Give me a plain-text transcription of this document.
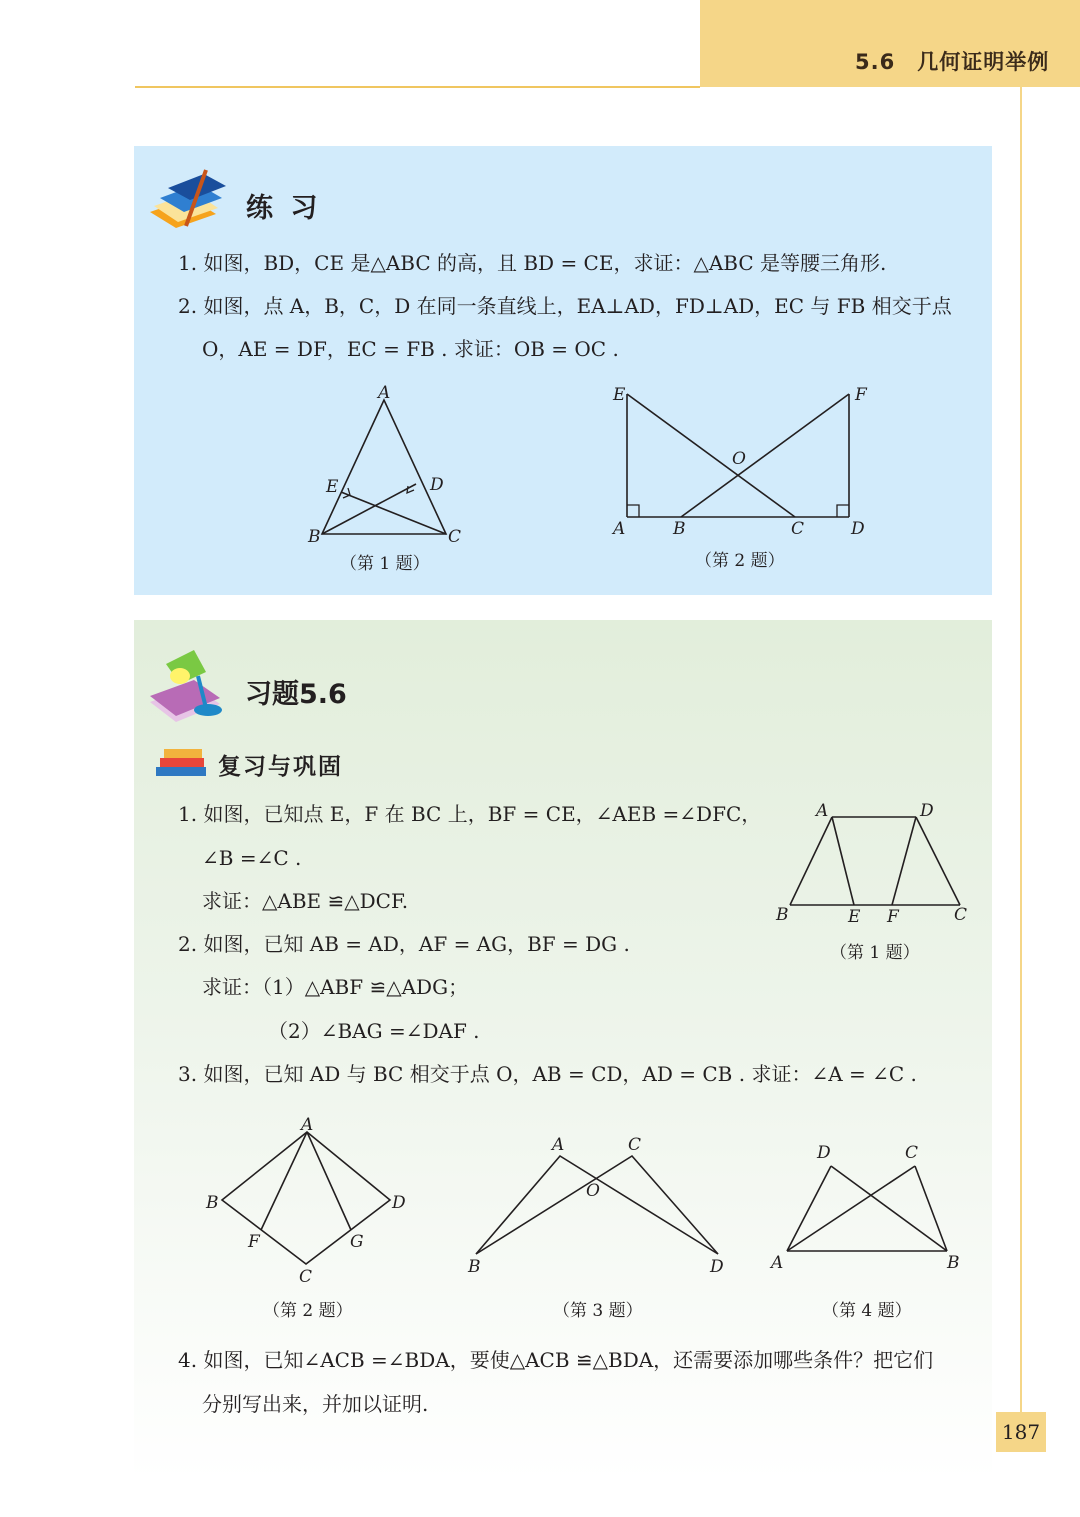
5.6 几何证明举例
练 习
1. 如图，BD，CE 是△ABC 的高，且 BD = CE，求证：△ABC 是等腰三角形.
2. 如图，点 A，B，C，D 在同一条直线上，EA⊥AD，FD⊥AD，EC 与 FB 相交于点
O，AE = DF，EC = FB . 求证：OB = OC .
A
E	D
B	C
（第 1 题）
E	F
O
A	B	C	D
（第 2 题）
习题5.6
复习与巩固
1. 如图，已知点 E，F 在 BC 上，BF = CE，∠AEB =∠DFC，
∠B =∠C .
求证：△ABE ≌△DCF.
2. 如图，已知 AB = AD，AF = AG，BF = DG .
求证：（1）△ABF ≌△ADG；
（2）∠BAG =∠DAF .
3. 如图，已知 AD 与 BC 相交于点 O，AB = CD，AD = CB . 求证：∠A = ∠C .
A	D
B	E F	C
（第 1 题）
A
B	D
F	G
C
（第 2 题）
A	C
O
B	D
（第 3 题）
D	C
A	B
（第 4 题）
4. 如图，已知∠ACB =∠BDA，要使△ACB ≌△BDA，还需要添加哪些条件？把它们
分别写出来，并加以证明.
187
